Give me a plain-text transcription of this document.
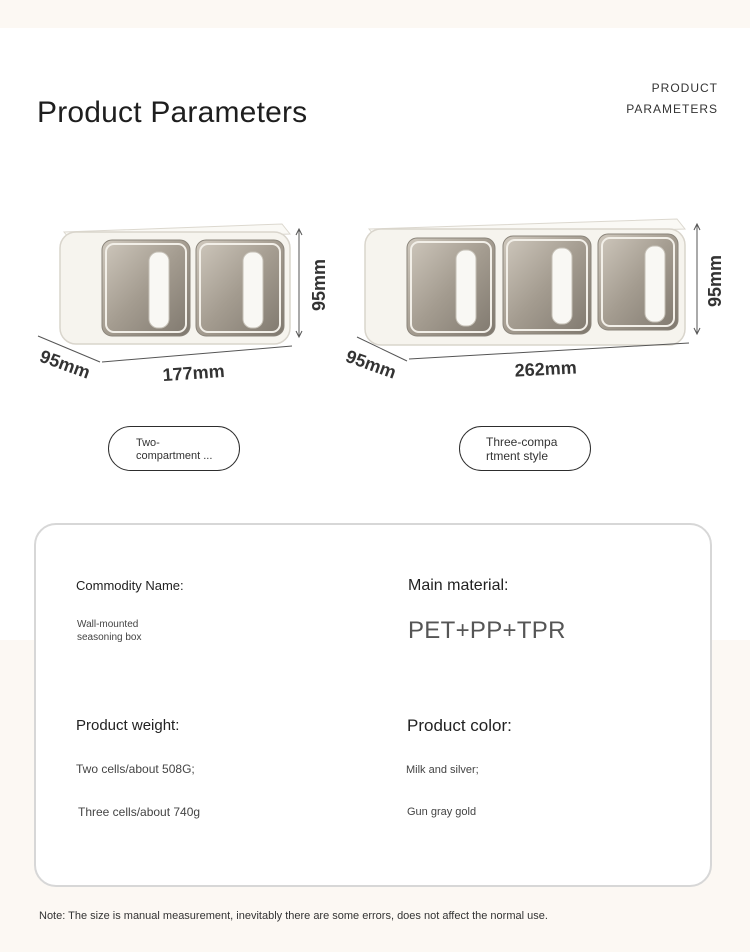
Product Parameters
PRODUCT
PARAMETERS
95mm
95mm	177mm
95mm
95mm	262mm
Two-
compartment ...
Three-compa
rtment style
Commodity Name:
Wall-mounted
seasoning box
Main material:
PET+PP+TPR
Product weight:
Two cells/about 508G;
Three cells/about 740g
Product color:
Milk and silver;
Gun gray gold
Note: The size is manual measurement, inevitably there are some errors, does not affect the normal use.
